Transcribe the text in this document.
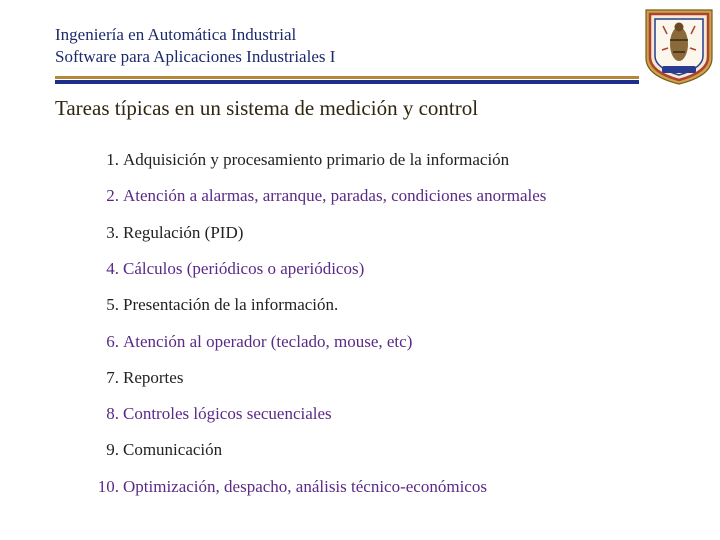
Ingeniería en Automática Industrial
Software para Aplicaciones Industriales I
Tareas típicas en un sistema de medición y control
1. Adquisición y procesamiento primario de la información
2. Atención a alarmas, arranque, paradas, condiciones anormales
3. Regulación (PID)
4. Cálculos (periódicos o aperiódicos)
5. Presentación de la información.
6. Atención al operador (teclado, mouse, etc)
7. Reportes
8. Controles lógicos secuenciales
9. Comunicación
10. Optimización, despacho, análisis técnico-económicos
